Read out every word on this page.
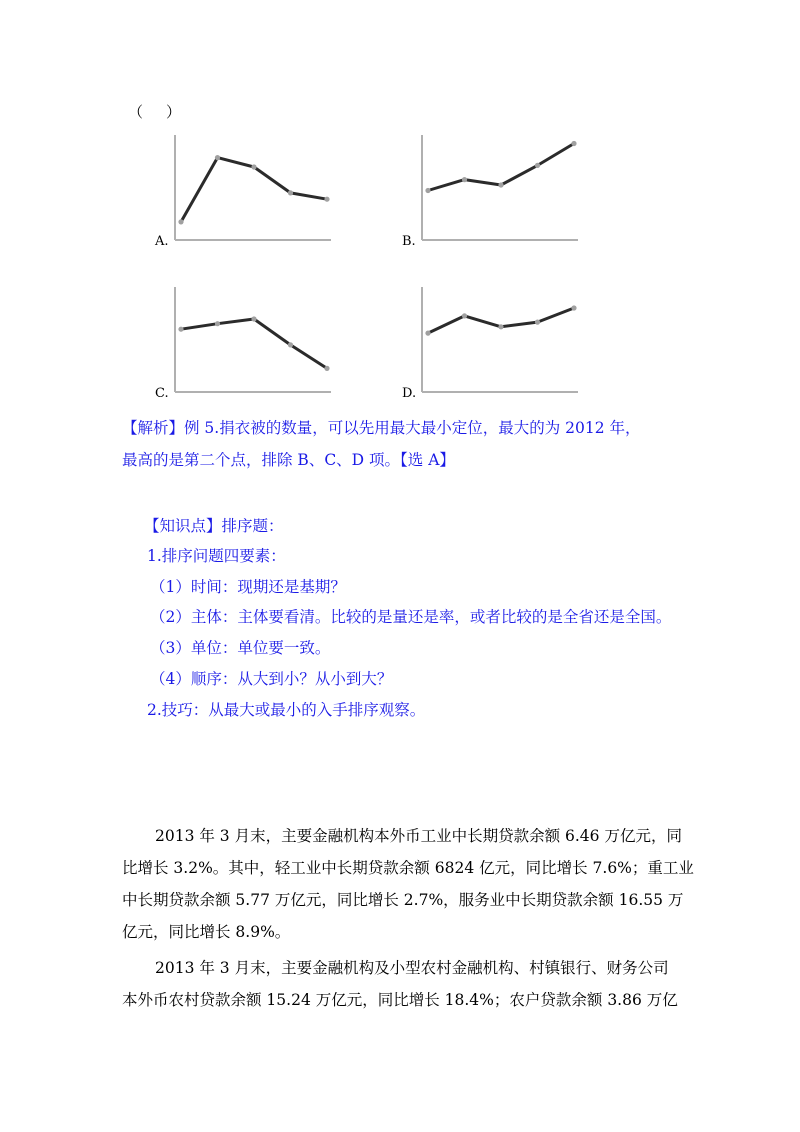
（　）
A.	B.
C.	D.
【解析】例 5.捐衣被的数量，可以先用最大最小定位，最大的为 2012 年，
最高的是第二个点，排除 B、C、D 项。【选 A】
【知识点】排序题：
1.排序问题四要素：
（1）时间：现期还是基期？
（2）主体：主体要看清。比较的是量还是率，或者比较的是全省还是全国。
（3）单位：单位要一致。
（4）顺序：从大到小？从小到大？
2.技巧：从最大或最小的入手排序观察。
2013 年 3 月末，主要金融机构本外币工业中长期贷款余额 6.46 万亿元，同
比增长 3.2%。其中，轻工业中长期贷款余额 6824 亿元，同比增长 7.6%；重工业
中长期贷款余额 5.77 万亿元，同比增长 2.7%，服务业中长期贷款余额 16.55 万
亿元，同比增长 8.9%。
2013 年 3 月末，主要金融机构及小型农村金融机构、村镇银行、财务公司
本外币农村贷款余额 15.24 万亿元，同比增长 18.4%；农户贷款余额 3.86 万亿
